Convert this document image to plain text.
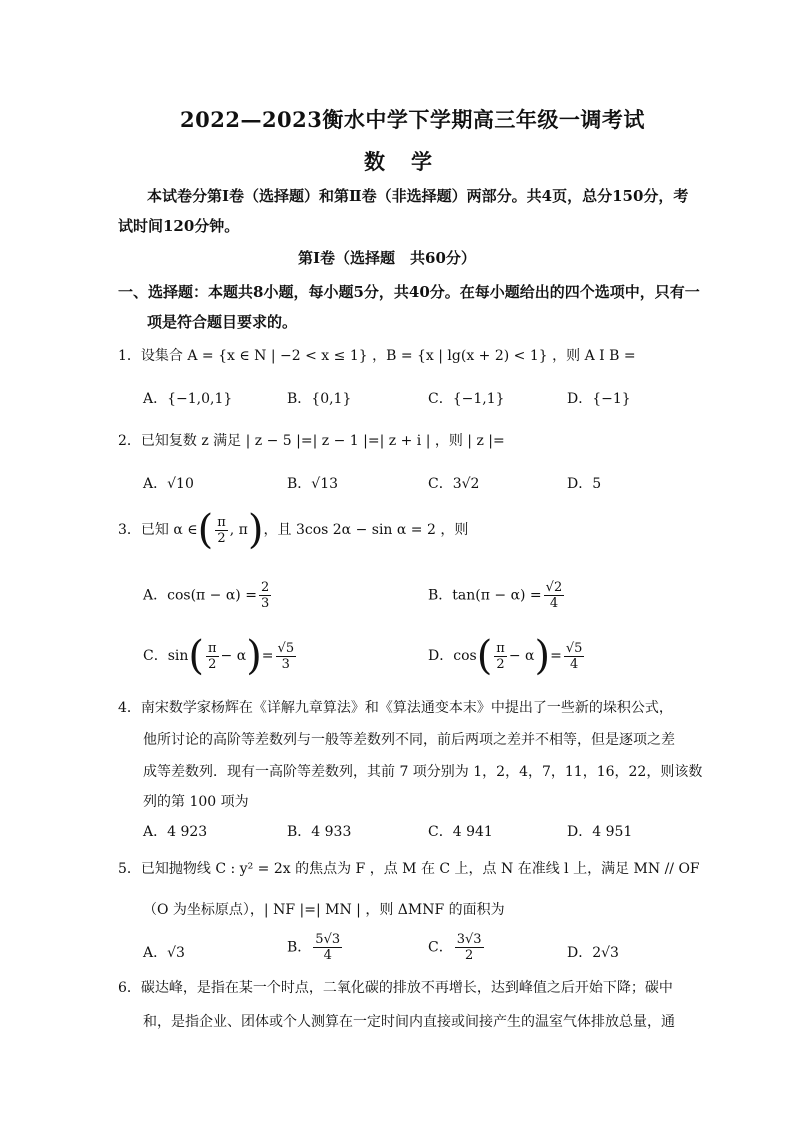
2022—2023衡水中学下学期高三年级一调考试
数学
本试卷分第Ⅰ卷（选择题）和第Ⅱ卷（非选择题）两部分。共4页，总分150分，考
试时间120分钟。
第Ⅰ卷（选择题　共60分）
一、选择题：本题共8小题，每小题5分，共40分。在每小题给出的四个选项中，只有一
项是符合题目要求的。
1．设集合 A = {x ∈ N | −2 < x ≤ 1} ，B = {x | lg(x + 2) < 1} ，则 A I B =
A．{−1,0,1}	B．{0,1}	C．{−1,1}	D．{−1}
2．已知复数 z 满足 | z − 5 |=| z − 1 |=| z + i | ，则 | z |=
A．√10	B．√13	C．3√2	D．5
3．已知 α ∈( $\frac{\pi}{2}$ , π)，且 3cos 2α − sin α = 2 ，则
A．$\cos(\pi - \alpha) = \frac{2}{3}$	B．$\tan(\pi - \alpha) = \frac{√2}{4}$
C．$\sin( \frac{\pi}{2} - \alpha)= \frac{√5}{3}$	D．$\cos( \frac{\pi}{2} - \alpha)= \frac{√5}{4}$
4．南宋数学家杨辉在《详解九章算法》和《算法通变本末》中提出了一些新的垛积公式，
他所讨论的高阶等差数列与一般等差数列不同，前后两项之差并不相等，但是逐项之差
成等差数列．现有一高阶等差数列，其前 7 项分别为 1，2，4，7，11，16，22，则该数
列的第 100 项为
A．4 923	B．4 933	C．4 941	D．4 951
5．已知抛物线 C : y² = 2x 的焦点为 F ，点 M 在 C 上，点 N 在准线 l 上，满足 MN // OF
（O 为坐标原点），| NF |=| MN | ，则 ΔMNF 的面积为
A．√3	B． $\frac{5√3}{4}$	C． $\frac{3√3}{2}$	D．2√3
6．碳达峰，是指在某一个时点，二氧化碳的排放不再增长，达到峰值之后开始下降；碳中
和，是指企业、团体或个人测算在一定时间内直接或间接产生的温室气体排放总量，通
